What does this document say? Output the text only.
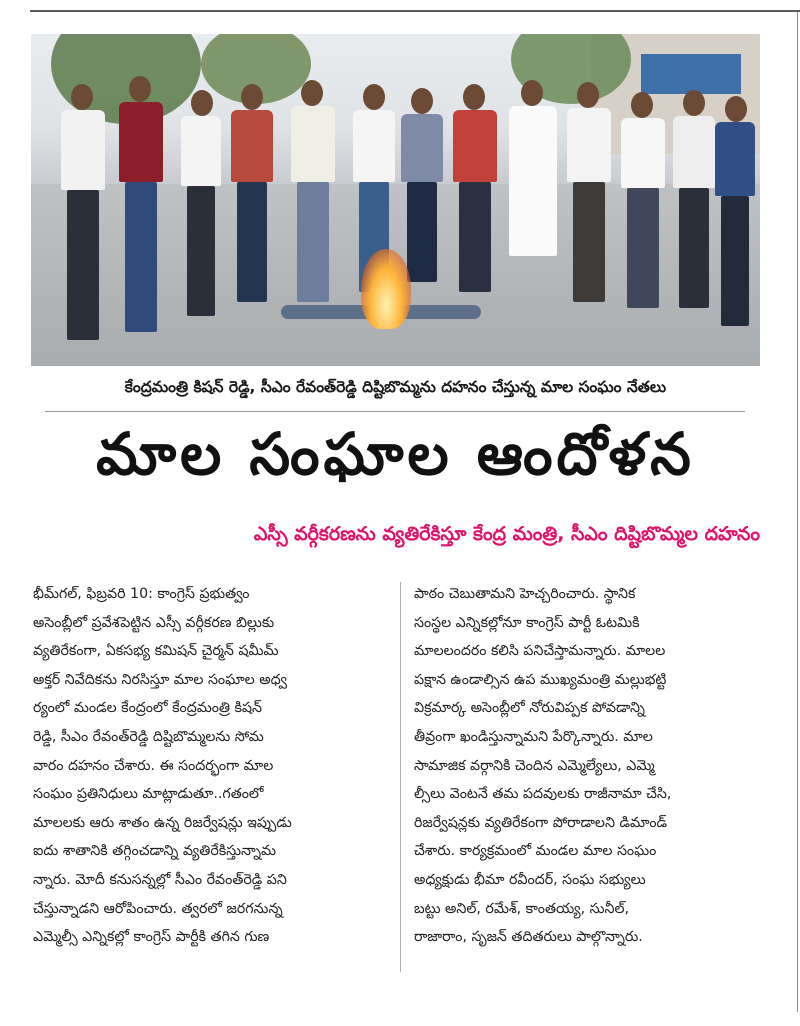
కేంద్రమంత్రి కిషన్ రెడ్డి, సీఎం రేవంత్‌రెడ్డి దిష్టిబొమ్మను దహనం చేస్తున్న మాల సంఘం నేతలు
మాల సంఘాల ఆందోళన
ఎస్సీ వర్గీకరణను వ్యతిరేకిస్తూ కేంద్ర మంత్రి, సీఎం దిష్టిబొమ్మల దహనం
భీమ్‌గల్, ఫిబ్రవరి 10: కాంగ్రెస్ ప్రభుత్వం
అసెంబ్లీలో ప్రవేశపెట్టిన ఎస్సీ వర్గీకరణ బిల్లుకు
వ్యతిరేకంగా, ఏకసభ్య కమిషన్ చైర్మన్ షమీమ్
అక్తర్ నివేదికను నిరసిస్తూ మాల సంఘాల అధ్వ
ర్యంలో మండల కేంద్రంలో కేంద్రమంత్రి కిషన్
రెడ్డి, సీఎం రేవంత్‌రెడ్డి దిష్టిబొమ్మలను సోమ
వారం దహనం చేశారు. ఈ సందర్భంగా మాల
సంఘం ప్రతినిధులు మాట్లాడుతూ..గతంలో
మాలలకు ఆరు శాతం ఉన్న రిజర్వేషన్లు ఇప్పుడు
ఐదు శాతానికి తగ్గించడాన్ని వ్యతిరేకిస్తున్నామ
న్నారు. మోదీ కనుసన్నల్లో సీఎం రేవంత్‌రెడ్డి పని
చేస్తున్నాడని ఆరోపించారు. త్వరలో జరగనున్న
ఎమ్మెల్సీ ఎన్నికల్లో కాంగ్రెస్ పార్టీకి తగిన గుణ
పాఠం చెబుతామని హెచ్చరించారు. స్థానిక
సంస్థల ఎన్నికల్లోనూ కాంగ్రెస్ పార్టీ ఓటమికి
మాలలందరం కలిసి పనిచేస్తామన్నారు. మాలల
పక్షాన ఉండాల్సిన ఉప ముఖ్యమంత్రి మల్లుభట్టి
విక్రమార్క అసెంబ్లీలో నోరువిప్పక పోవడాన్ని
తీవ్రంగా ఖండిస్తున్నామని పేర్కొన్నారు. మాల
సామాజిక వర్గానికి చెందిన ఎమ్మెల్యేలు, ఎమ్మె
ల్సీలు వెంటనే తమ పదవులకు రాజీనామా చేసి,
రిజర్వేషన్లకు వ్యతిరేకంగా పోరాడాలని డిమాండ్
చేశారు. కార్యక్రమంలో మండల మాల సంఘం
అధ్యక్షుడు భీమా రవీందర్, సంఘ సభ్యులు
బట్టు అనిల్, రమేశ్, కాంతయ్య, సునీల్,
రాజారాం, సృజన్ తదితరులు పాల్గొన్నారు.
